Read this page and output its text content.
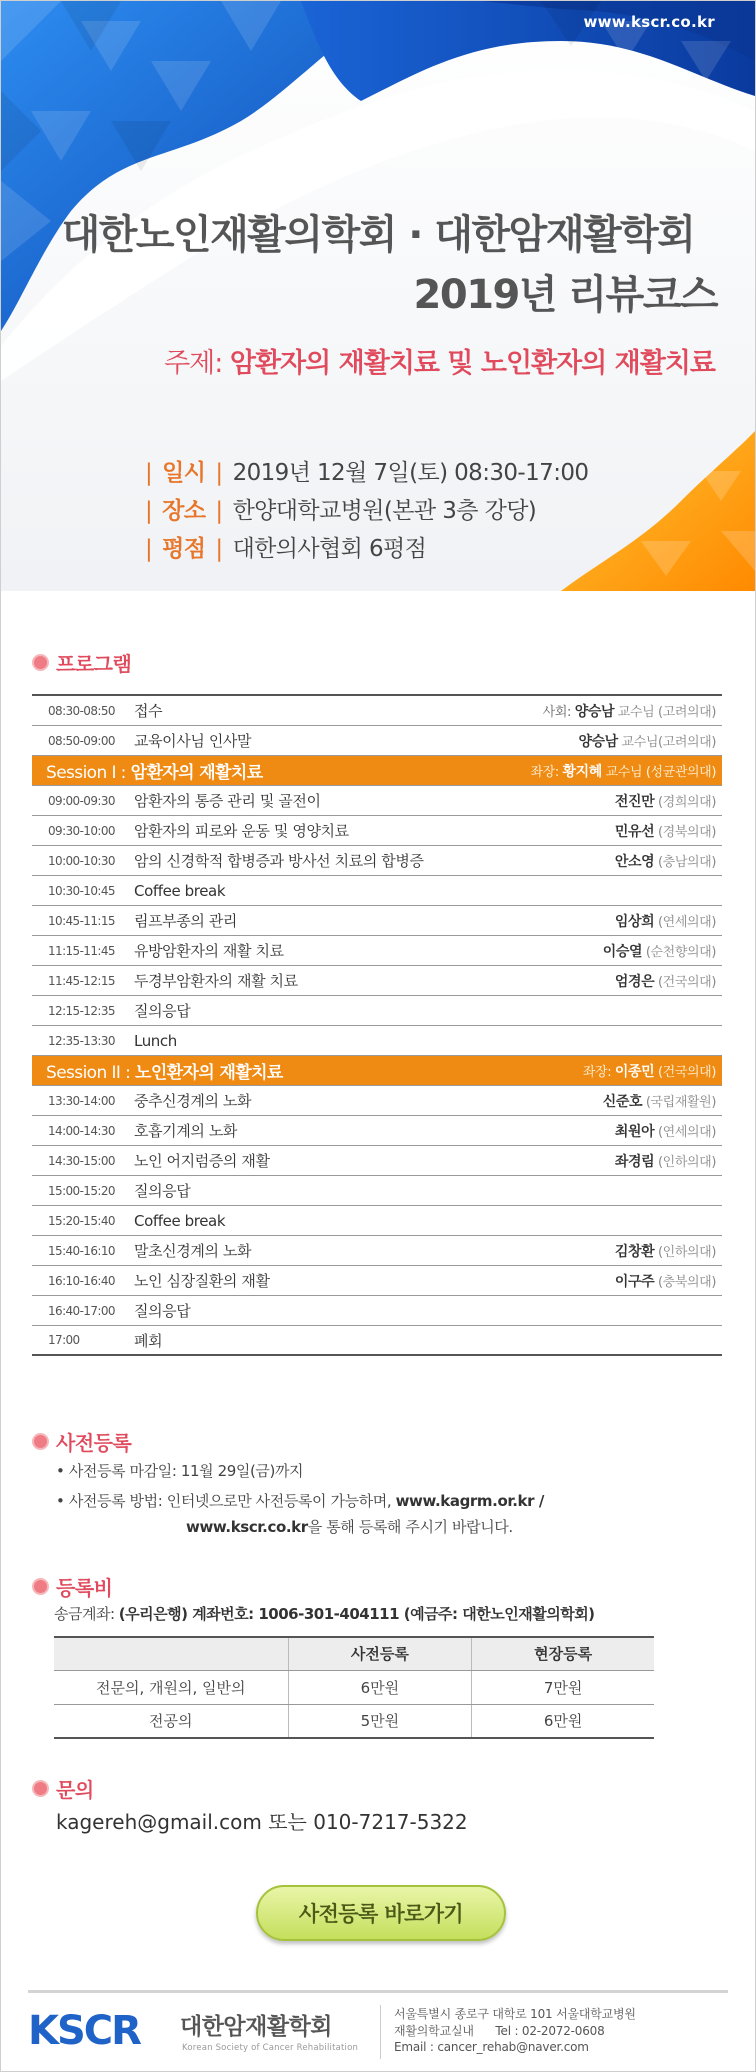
www.kscr.co.kr
대한노인재활의학회 · 대한암재활학회
2019년 리뷰코스
주제: 암환자의 재활치료 및 노인환자의 재활치료
| 일시 | 2019년 12월 7일(토) 08:30-17:00
| 장소 | 한양대학교병원(본관 3층 강당)
| 평점 | 대한의사협회 6평점
프로그램
08:30-08:50	접수	사회: 양승남 교수님 (고려의대)
08:50-09:00	교육이사님 인사말	양승남 교수님(고려의대)
Session I : 암환자의 재활치료	좌장: 황지혜 교수님 (성균관의대)
09:00-09:30	암환자의 통증 관리 및 골전이	전진만 (경희의대)
09:30-10:00	암환자의 피로와 운동 및 영양치료	민유선 (경북의대)
10:00-10:30	암의 신경학적 합병증과 방사선 치료의 합병증	안소영 (충남의대)
10:30-10:45	Coffee break
10:45-11:15	림프부종의 관리	임상희 (연세의대)
11:15-11:45	유방암환자의 재활 치료	이승열 (순천향의대)
11:45-12:15	두경부암환자의 재활 치료	엄경은 (건국의대)
12:15-12:35	질의응답
12:35-13:30	Lunch
Session II : 노인환자의 재활치료	좌장: 이종민 (건국의대)
13:30-14:00	중추신경계의 노화	신준호 (국립재활원)
14:00-14:30	호흡기계의 노화	최원아 (연세의대)
14:30-15:00	노인 어지럼증의 재활	좌경림 (인하의대)
15:00-15:20	질의응답
15:20-15:40	Coffee break
15:40-16:10	말초신경계의 노화	김창환 (인하의대)
16:10-16:40	노인 심장질환의 재활	이구주 (충북의대)
16:40-17:00	질의응답
17:00	폐회
사전등록
• 사전등록 마감일: 11월 29일(금)까지
• 사전등록 방법: 인터넷으로만 사전등록이 가능하며, www.kagrm.or.kr /
www.kscr.co.kr을 통해 등록해 주시기 바랍니다.
등록비
송금계좌: (우리은행) 계좌번호: 1006-301-404111 (예금주: 대한노인재활의학회)
	사전등록	현장등록
전문의, 개원의, 일반의	6만원	7만원
전공의	5만원	6만원
문의
kagereh@gmail.com 또는 010-7217-5322
사전등록 바로가기
KSCR 대한암재활학회
Korean Society of Cancer Rehabilitation
서울특별시 종로구 대학로 101 서울대학교병원
재활의학교실내      Tel : 02-2072-0608
Email : cancer_rehab@naver.com
